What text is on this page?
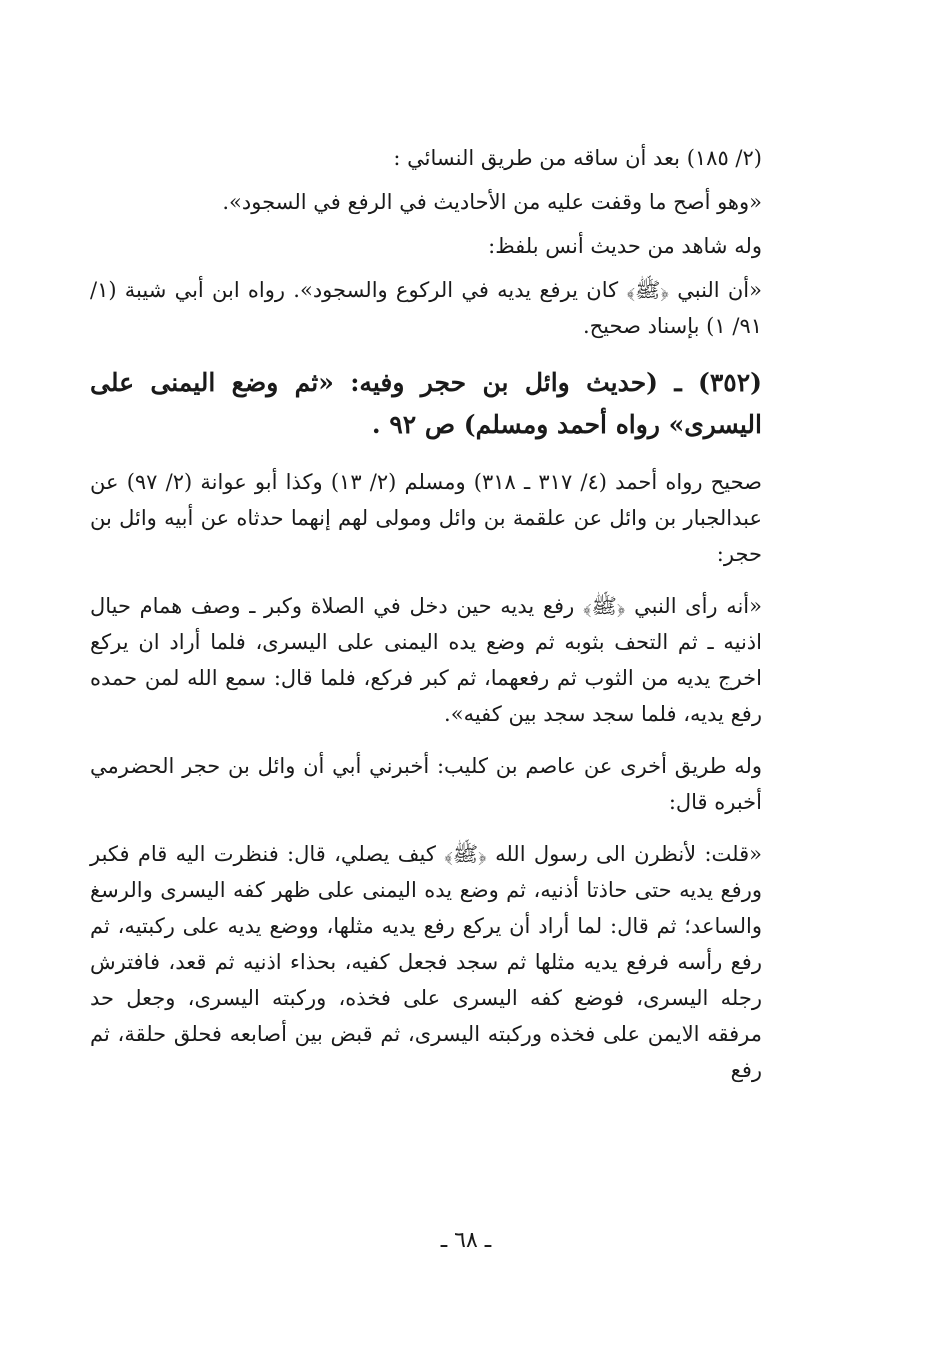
(٢/ ١٨٥) بعد أن ساقه من طريق النسائي :

«وهو أصح ما وقفت عليه من الأحاديث في الرفع في السجود».

وله شاهد من حديث أنس بلفظ:

«أن النبي ﴿ﷺ﴾ كان يرفع يديه في الركوع والسجود». رواه ابن أبي شيبة (١/ ٩١/ ١) بإسناد صحيح.

(٣٥٢) ـ (حديث وائل بن حجر وفيه: «ثم وضع اليمنى على اليسرى» رواه أحمد ومسلم) ص ٩٢ .

صحيح رواه أحمد (٤/ ٣١٧ ـ ٣١٨) ومسلم (٢/ ١٣) وكذا أبو عوانة (٢/ ٩٧) عن عبدالجبار بن وائل عن علقمة بن وائل ومولى لهم إنهما حدثاه عن أبيه وائل بن حجر:

«أنه رأى النبي ﴿ﷺ﴾ رفع يديه حين دخل في الصلاة وكبر ـ وصف همام حيال اذنيه ـ ثم التحف بثوبه ثم وضع يده اليمنى على اليسرى، فلما أراد ان يركع اخرج يديه من الثوب ثم رفعهما، ثم كبر فركع، فلما قال: سمع الله لمن حمده رفع يديه، فلما سجد سجد بين كفيه».

وله طريق أخرى عن عاصم بن كليب: أخبرني أبي أن وائل بن حجر الحضرمي أخبره قال:

«قلت: لأنظرن الى رسول الله ﴿ﷺ﴾ كيف يصلي، قال: فنظرت اليه قام فكبر ورفع يديه حتى حاذتا أذنيه، ثم وضع يده اليمنى على ظهر كفه اليسرى والرسغ والساعد؛ ثم قال: لما أراد أن يركع رفع يديه مثلها، ووضع يديه على ركبتيه، ثم رفع رأسه فرفع يديه مثلها ثم سجد فجعل كفيه، بحذاء اذنيه ثم قعد، فافترش رجله اليسرى، فوضع كفه اليسرى على فخذه، وركبته اليسرى، وجعل حد مرفقه الايمن على فخذه وركبته اليسرى، ثم قبض بين أصابعه فحلق حلقة، ثم رفع

ـ ٦٨ ـ
